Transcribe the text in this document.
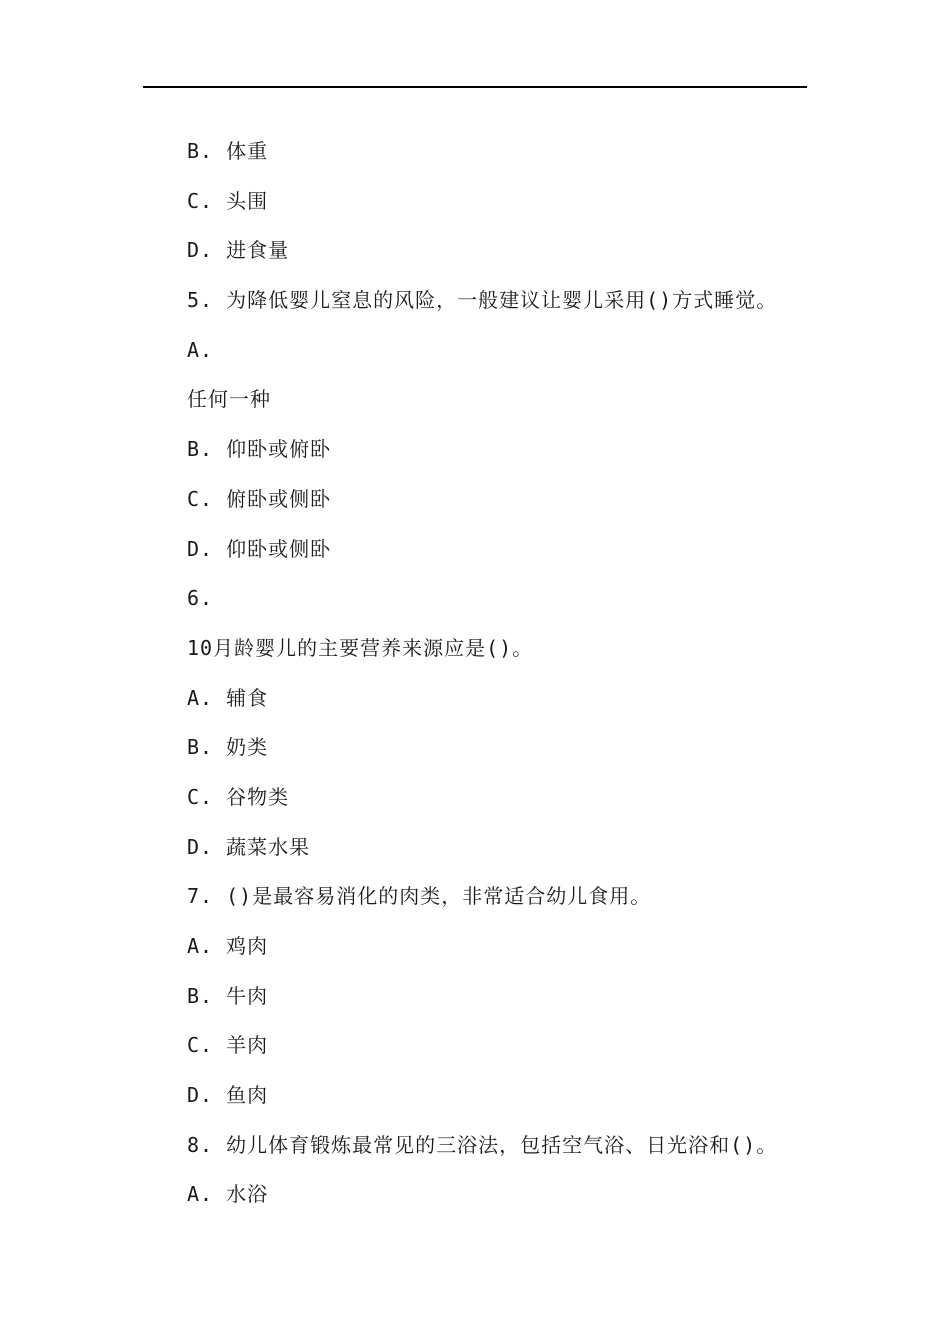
B. 体重
C. 头围
D. 进食量
5. 为降低婴儿窒息的风险，一般建议让婴儿采用()方式睡觉。
A.
任何一种
B. 仰卧或俯卧
C. 俯卧或侧卧
D. 仰卧或侧卧
6.
10月龄婴儿的主要营养来源应是()。
A. 辅食
B. 奶类
C. 谷物类
D. 蔬菜水果
7. ()是最容易消化的肉类，非常适合幼儿食用。
A. 鸡肉
B. 牛肉
C. 羊肉
D. 鱼肉
8. 幼儿体育锻炼最常见的三浴法，包括空气浴、日光浴和()。
A. 水浴
